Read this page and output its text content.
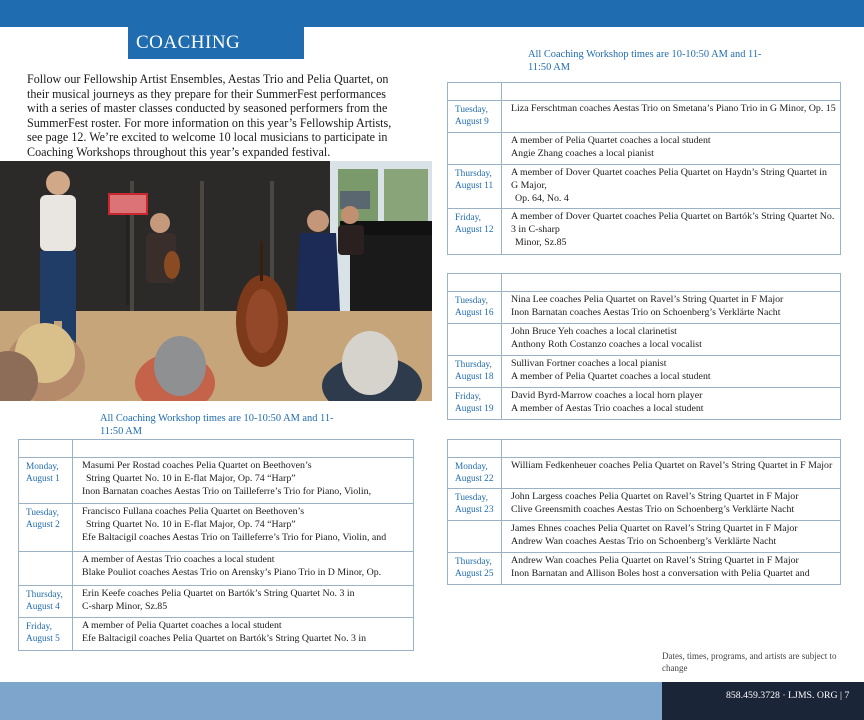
COACHING

Follow our Fellowship Artist Ensembles, Aestas Trio and Pelia Quartet, on their musical journeys as they prepare for their SummerFest performances with a series of master classes conducted by seasoned performers from the SummerFest roster. For more information on this year’s Fellowship Artists, see page 12. We’re excited to welcome 10 local musicians to participate in Coaching Workshops throughout this year’s expanded festival.

All Coaching Workshop times are 10-10:50 AM and 11-11:50 AM
All Coaching Workshop times are 10-10:50 AM and 11-11:50 AM

Monday,
August 1	Masumi Per Rostad coaches Pelia Quartet on Beethoven’s
String Quartet No. 10 in E-flat Major, Op. 74 “Harp”
Inon Barnatan coaches Aestas Trio on Tailleferre’s Trio for Piano, Violin,

Tuesday,
August 2	Francisco Fullana coaches Pelia Quartet on Beethoven’s
String Quartet No. 10 in E-flat Major, Op. 74 “Harp”
Efe Baltacigil coaches Aestas Trio on Tailleferre’s Trio for Piano, Violin, and

	A member of Aestas Trio coaches a local student
Blake Pouliot coaches Aestas Trio on Arensky’s Piano Trio in D Minor, Op.

Thursday,
August 4	Erin Keefe coaches Pelia Quartet on Bartók’s String Quartet No. 3 in
C-sharp Minor, Sz.85

Friday,
August 5	A member of Pelia Quartet coaches a local student
Efe Baltacigil coaches Pelia Quartet on Bartók’s String Quartet No. 3 in

Tuesday,
August 9	Liza Ferschtman coaches Aestas Trio on Smetana’s Piano Trio in G Minor, Op. 15

	A member of Pelia Quartet coaches a local student
Angie Zhang coaches a local pianist

Thursday,
August 11	A member of Dover Quartet coaches Pelia Quartet on Haydn’s String Quartet in G Major,
Op. 64, No. 4

Friday,
August 12	A member of Dover Quartet coaches Pelia Quartet on Bartók’s String Quartet No. 3 in C-sharp
Minor, Sz.85

Tuesday,
August 16	Nina Lee coaches Pelia Quartet on Ravel’s String Quartet in F Major
Inon Barnatan coaches Aestas Trio on Schoenberg’s Verklärte Nacht

	John Bruce Yeh coaches a local clarinetist
Anthony Roth Costanzo coaches a local vocalist

Thursday,
August 18	Sullivan Fortner coaches a local pianist
A member of Pelia Quartet coaches a local student

Friday,
August 19	David Byrd-Marrow coaches a local horn player
A member of Aestas Trio coaches a local student

Monday,
August 22	William Fedkenheuer coaches Pelia Quartet on Ravel’s String Quartet in F Major

Tuesday,
August 23	John Largess coaches Pelia Quartet on Ravel’s String Quartet in F Major
Clive Greensmith coaches Aestas Trio on Schoenberg’s Verklärte Nacht

	James Ehnes coaches Pelia Quartet on Ravel’s String Quartet in F Major
Andrew Wan coaches Aestas Trio on Schoenberg’s Verklärte Nacht

Thursday,
August 25	Andrew Wan coaches Pelia Quartet on Ravel’s String Quartet in F Major
Inon Barnatan and Allison Boles host a conversation with Pelia Quartet and
Dates, times, programs, and artists are subject to change
858.459.3728 · LJMS. ORG | 7
